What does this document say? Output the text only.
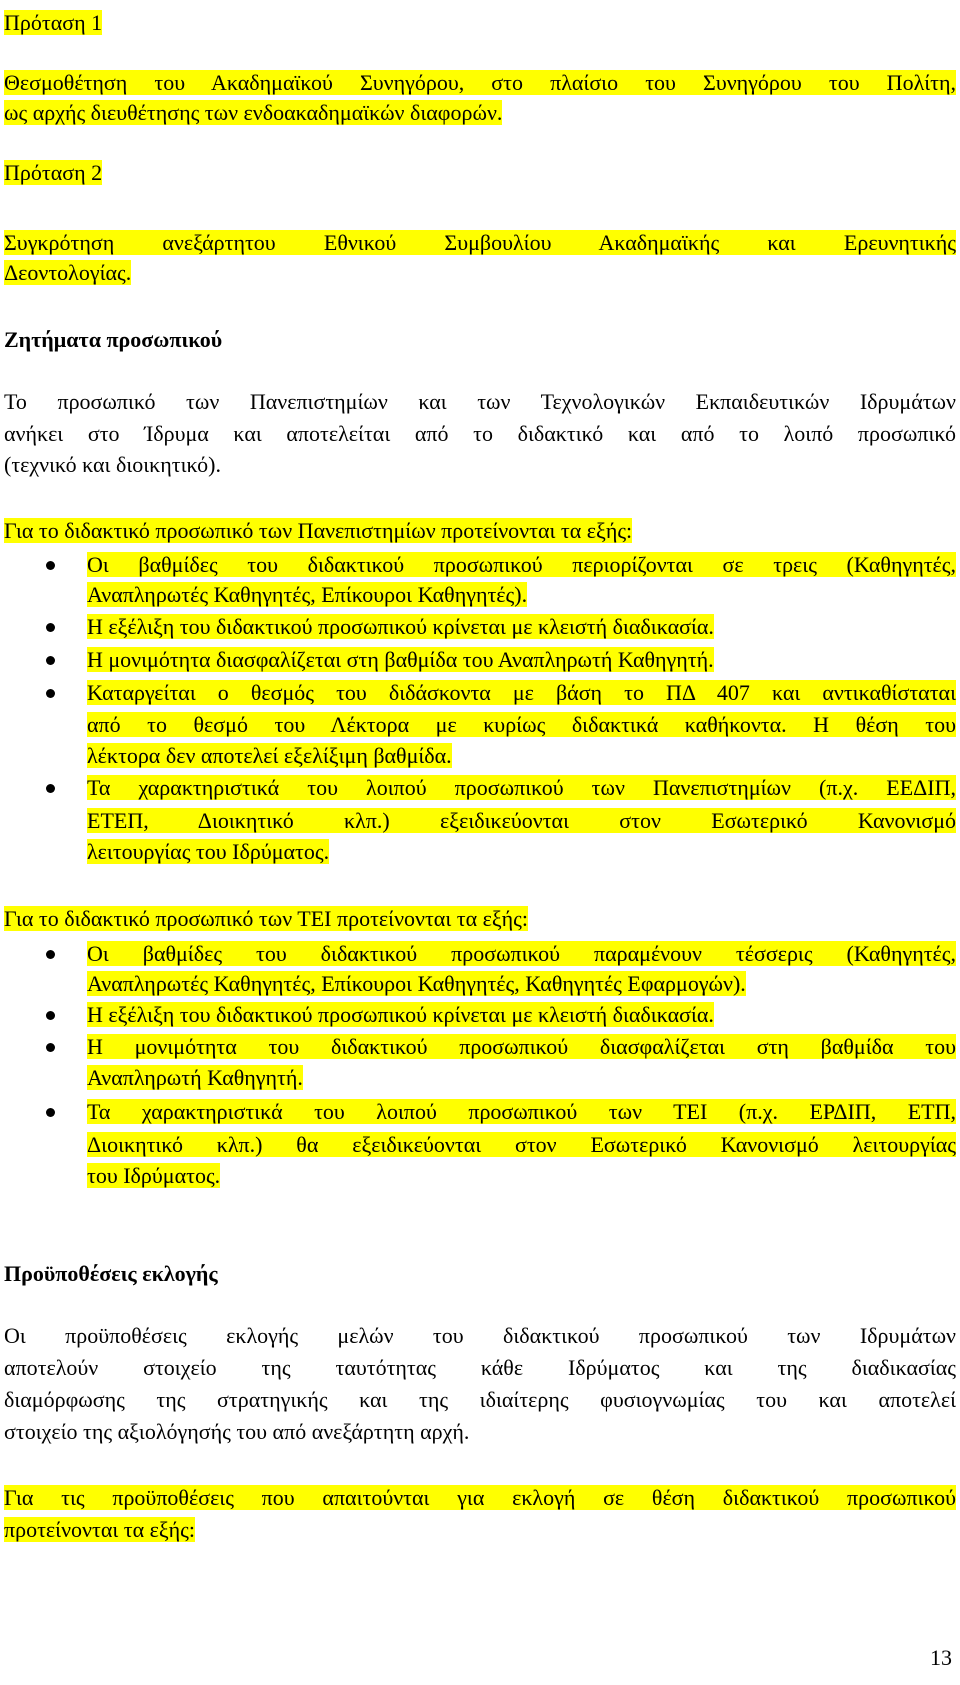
Πρόταση 1
Θεσμοθέτηση του Ακαδημαϊκού Συνηγόρου, στο πλαίσιο του Συνηγόρου του Πολίτη,
ως αρχής διευθέτησης των ενδοακαδημαϊκών διαφορών.
Πρόταση 2
Συγκρότηση ανεξάρτητου Εθνικού Συμβουλίου Ακαδημαϊκής και Ερευνητικής
Δεοντολογίας.
Ζητήματα προσωπικού
Το προσωπικό των Πανεπιστημίων και των Τεχνολογικών Εκπαιδευτικών Ιδρυμάτων
ανήκει στο Ίδρυμα και αποτελείται από το διδακτικό και από το λοιπό προσωπικό
(τεχνικό και διοικητικό).
Για το διδακτικό προσωπικό των Πανεπιστημίων προτείνονται τα εξής:
Οι βαθμίδες του διδακτικού προσωπικού περιορίζονται σε τρεις (Καθηγητές,
Αναπληρωτές Καθηγητές, Επίκουροι Καθηγητές).
Η εξέλιξη του διδακτικού προσωπικού κρίνεται με κλειστή διαδικασία.
Η μονιμότητα διασφαλίζεται στη βαθμίδα του Αναπληρωτή Καθηγητή.
Καταργείται ο θεσμός του διδάσκοντα με βάση το ΠΔ 407 και αντικαθίσταται
από το θεσμό του Λέκτορα με κυρίως διδακτικά καθήκοντα. Η θέση του
λέκτορα δεν αποτελεί εξελίξιμη βαθμίδα.
Τα χαρακτηριστικά του λοιπού προσωπικού των Πανεπιστημίων (π.χ. ΕΕΔΙΠ,
ΕΤΕΠ, Διοικητικό κλπ.) εξειδικεύονται στον Εσωτερικό Κανονισμό
λειτουργίας του Ιδρύματος.
Για το διδακτικό προσωπικό των ΤΕΙ προτείνονται τα εξής:
Οι βαθμίδες του διδακτικού προσωπικού παραμένουν τέσσερις (Καθηγητές,
Αναπληρωτές Καθηγητές, Επίκουροι Καθηγητές, Καθηγητές Εφαρμογών).
Η εξέλιξη του διδακτικού προσωπικού κρίνεται με κλειστή διαδικασία.
Η μονιμότητα του διδακτικού προσωπικού διασφαλίζεται στη βαθμίδα του
Αναπληρωτή Καθηγητή.
Τα χαρακτηριστικά του λοιπού προσωπικού των ΤΕΙ (π.χ. ΕΡΔΙΠ, ΕΤΠ,
Διοικητικό κλπ.) θα εξειδικεύονται στον Εσωτερικό Κανονισμό λειτουργίας
του Ιδρύματος.
Προϋποθέσεις εκλογής
Οι προϋποθέσεις εκλογής μελών του διδακτικού προσωπικού των Ιδρυμάτων
αποτελούν στοιχείο της ταυτότητας κάθε Ιδρύματος και της διαδικασίας
διαμόρφωσης της στρατηγικής και της ιδιαίτερης φυσιογνωμίας του και αποτελεί
στοιχείο της αξιολόγησής του από ανεξάρτητη αρχή.
Για τις προϋποθέσεις που απαιτούνται για εκλογή σε θέση διδακτικού προσωπικού
προτείνονται τα εξής:
13
